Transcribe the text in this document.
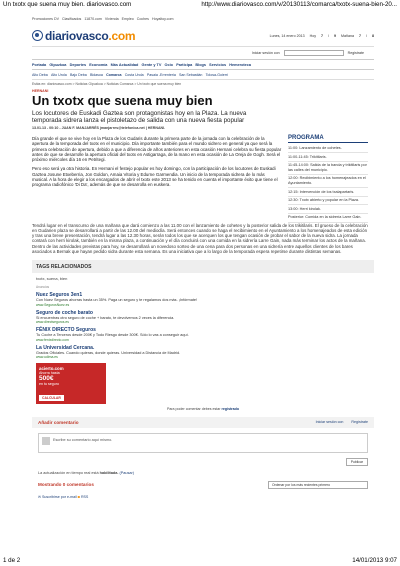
Un txotx que suena muy bien. diariovasco.com	http://www.diariovasco.com/v/20130113/comarca/txotx-suena-bien-20...
Promociones DV Clasificados 11870.com Vivienda Empleo Coches Hoyaltoy.com
diariovasco.com	Lunes, 14 enero 2013 Hoy 7 / 9 Mañana 7 / 8
Iniciar sesión con	Registrate
Portada Gipuzkoa Deportes Economía Más Actualidad Gente y TV Ocio Participa Blogs Servicios Hemeroteca
Alto Deba Alto Urola Bajo Deba Bidasoa Comarca Costa Urola Pasaia -Errenteria San Sebastián Tolosa-Goierri
Estás en: diariovasco.com > Noticias Gipuzkoa > Noticias Comarca > Un txotx que suena muy bien
HERNANI
Un txotx que suena muy bien
Los locutores de Euskadi Gaztea son protagonistas hoy en la Plaza. La nueva temporada sidrera lanza el pistoletazo de salida con una nueva fiesta popular
13.01.13 - 00:10 - JUAN F. MANJARRÉS jmanjarres@telefonica.net | HERNANI.

Día grande el que se vive hoy en la Plaza de los Gudaris durante la primera parte de la jornada con la celebración de la apertura de la temporada del txotx en el municipio. Día importante también para el mundo sidrero en general ya que será la primera celebración de apertura, debido a que a diferencia de años anteriores en esta ocasión Hernani celebra su fiesta popular antes de que se desarrolle la apertura oficial del txotx en Astigarraga, de la mano en esta ocasión de La Oreja de Gogh. Será el próximo miércoles día 16 en Petritegi.

Pero eso será ya otra historia. En Hernani el festejo popular es hoy domingo, con la participación de los locutores de Euskadi Gaztea Josune Etxeberria, Jon Goldon, Amaia Vitoria y Edurne Garmendia. Un inicio de la temporada sidrera de lo más musical. A la hora de elegir a los encargados de abrir el txotx este 2013 se ha tenido en cuenta el importante éxito que tiene el programa radiofónico 'Di Da', además de que se desarrolla en euskera.

PROGRAMA
11:00: Lanzamiento de cohetes.
11:00-11:45: Trikitilaris.
11:45-14:00: Salida de la banda y trikitilaris por las calles del municipio.
12:00: Recibimiento a los homenajeados en el Ayuntamiento.
12:15: Intervención de los txalapartaris.
12:30: Txotx abierto y popular en la Plaza.
13:00: Herri kirolak.
Posterior: Comida en la sidrería Larre Gain.

Tendrá lugar en el transcurso de una mañana que dará comienzo a las 11.00 con el lanzamiento de cohetes y la posterior salida de los trikitilaris. El grueso de la celebración en Gudarien plaza se desarrollará a partir de las 12.00 del mediodía. Será entonces cuando se haga el recibimiento en el Ayuntamiento a los homenajeados de esta edición y tras una breve presentación, tendrá lugar a las 12.30 horas, serán todos los que se acerquen los que tengan ocasión de probar el sabor de la nueva sidra. La jornada contará con herri kirolak, también en la misma plaza, a continuación y el día concluirá con una comida en la sidrería Larre Gain, nada más terminar los actos de la mañana.

Dentro de las actividades previstas para hoy, se desarrollará un novedoso sorteo de una cena para dos personas en una sidrería entre aquellos clientes de los bares asociados a Bernak que hayan pedido sidra durante esta semana. Es una iniciativa que a lo largo de la temporada espera repetirse durante distintas semanas.

TAGS RELACIONADOS
txotx, suena, bien
Anuncios
Nuez Seguros 3en1
Con Nuez Seguros ahorras hasta un 35%. Paga un seguro y te regalamos dos más. ¡Infórmate!
www.SegurosNuez.es
Seguro de coche barato
Si encuentras otro seguro de coche + barato, te devolvemos 2 veces la diferencia.
www.directseguros.es
FÉNIX DIRECTO Seguros
Tu Coche a Terceros desde 200€ y Todo Riesgo desde 300€. Sólo lo vas a conseguir aquí.
www.fenixdirecto.com
La Universidad Cercana.
Grados Oficiales. Cuando quieras, donde quieras. Universidad a Distancia de Madrid.
www.udima.es
acierto.com
Ahorra hasta
500€
en tu seguro
CALCULAR
Para poder comentar debes estar registrado
Añadir comentario	Iniciar sesión con Regístrate
Escribe su comentario aquí mismo.
Publicar
La actualización en tiempo real está habilitada. (Pausar)
Mostrando 0 comentarios	Ordenar por los más recientes primero
✉ Suscribirse por e-mail ◙ RSS
1 de 2	14/01/2013 9:07
